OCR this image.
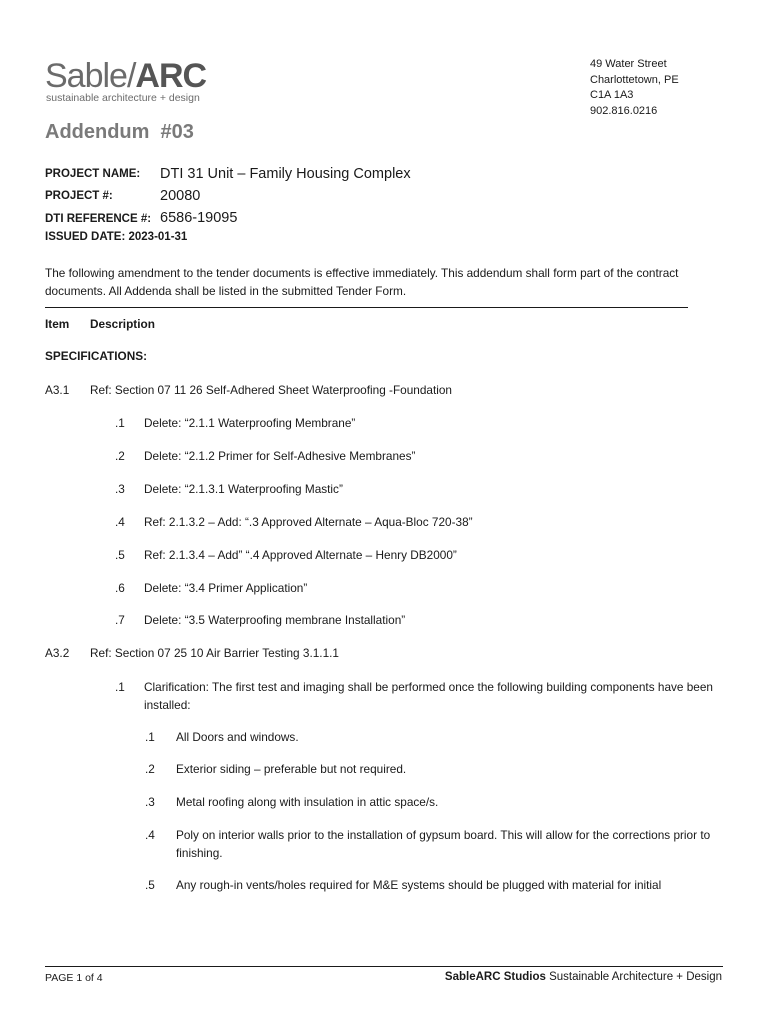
Sable/ARC
sustainable architecture + design
49 Water Street
Charlottetown, PE
C1A 1A3
902.816.0216
Addendum  #03
PROJECT NAME: DTI 31 Unit – Family Housing Complex
PROJECT #:	20080
DTI REFERENCE #: 6586-19095
ISSUED DATE: 2023-01-31
The following amendment to the tender documents is effective immediately. This addendum shall form part of the contract documents. All Addenda shall be listed in the submitted Tender Form.
Item Description
SPECIFICATIONS:
A3.1 Ref: Section 07 11 26 Self-Adhered Sheet Waterproofing -Foundation
.1 Delete: “2.1.1 Waterproofing Membrane”
.2 Delete: “2.1.2 Primer for Self-Adhesive Membranes”
.3 Delete: “2.1.3.1 Waterproofing Mastic”
.4 Ref: 2.1.3.2 – Add: “.3 Approved Alternate – Aqua-Bloc 720-38”
.5 Ref: 2.1.3.4 – Add” “.4 Approved Alternate – Henry DB2000”
.6 Delete: “3.4 Primer Application”
.7 Delete: “3.5 Waterproofing membrane Installation”
A3.2 Ref: Section 07 25 10 Air Barrier Testing 3.1.1.1
.1 Clarification: The first test and imaging shall be performed once the following building components have been installed:
.1 All Doors and windows.
.2 Exterior siding – preferable but not required.
.3 Metal roofing along with insulation in attic space/s.
.4 Poly on interior walls prior to the installation of gypsum board. This will allow for the corrections prior to finishing.
.5 Any rough-in vents/holes required for M&E systems should be plugged with material for initial
PAGE 1 of 4	SableARC Studios Sustainable Architecture + Design
